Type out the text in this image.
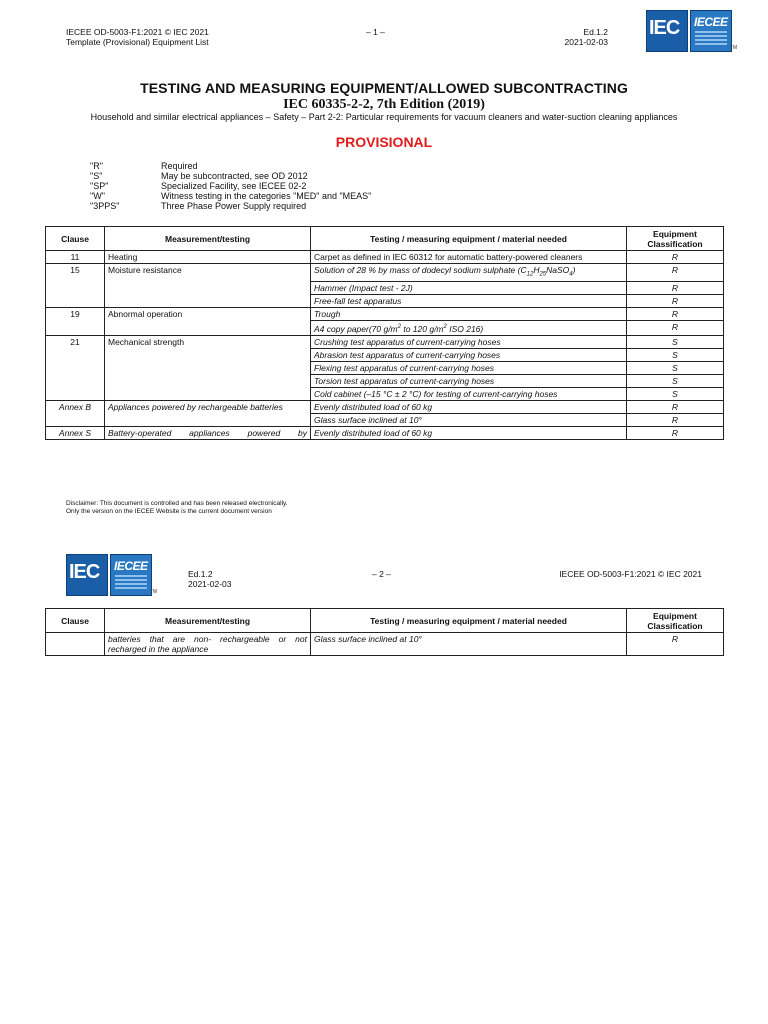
IECEE OD-5003-F1:2021 © IEC 2021
Template (Provisional) Equipment List
– 1 –	Ed.1.2
2021-02-03
IEC IECEE
TM
TESTING AND MEASURING EQUIPMENT/ALLOWED SUBCONTRACTING
IEC 60335-2-2, 7th Edition (2019)
Household and similar electrical appliances – Safety – Part 2-2: Particular requirements for vacuum cleaners and water-suction cleaning appliances
PROVISIONAL
"R"	Required
"S"	May be subcontracted, see OD 2012
"SP"	Specialized Facility, see IECEE 02-2
"W"	Witness testing in the categories "MED" and "MEAS"
"3PPS"	Three Phase Power Supply required
Clause	Measurement/testing	Testing / measuring equipment / material needed	Equipment Classification
11	Heating	Carpet as defined in IEC 60312 for automatic battery-powered cleaners	R
15	Moisture resistance	Solution of 28 % by mass of dodecyl sodium sulphate $(C_{12}H_{25}NaSO_4)$	R
		Hammer (Impact test - 2J)	R
		Free-fall test apparatus	R
19	Abnormal operation	Trough	R
		A4 copy paper(70 $g/m^2$ to 120 $g/m^2$ ISO 216)	R
21	Mechanical strength	Crushing test apparatus of current-carrying hoses	S
		Abrasion test apparatus of current-carrying hoses	S
		Flexing test apparatus of current-carrying hoses	S
		Torsion test apparatus of current-carrying hoses	S
		Cold cabinet (–15 °C ± 2 °C) for testing of current-carrying hoses	S
Annex B	Appliances powered by rechargeable batteries	Evenly distributed load of 60 kg	R
		Glass surface inclined at 10°	R
Annex S	Battery-operated appliances powered by	Evenly distributed load of 60 kg	R
Disclaimer: This document is controlled and has been released electronically.
Only the version on the IECEE Website is the current document version
IEC IECEE
TM
Ed.1.2
2021-02-03
– 2 –	IECEE OD-5003-F1:2021 © IEC 2021
Clause	Measurement/testing	Testing / measuring equipment / material needed	Equipment Classification
	batteries that are non- rechargeable or not recharged in the appliance	Glass surface inclined at 10°	R
